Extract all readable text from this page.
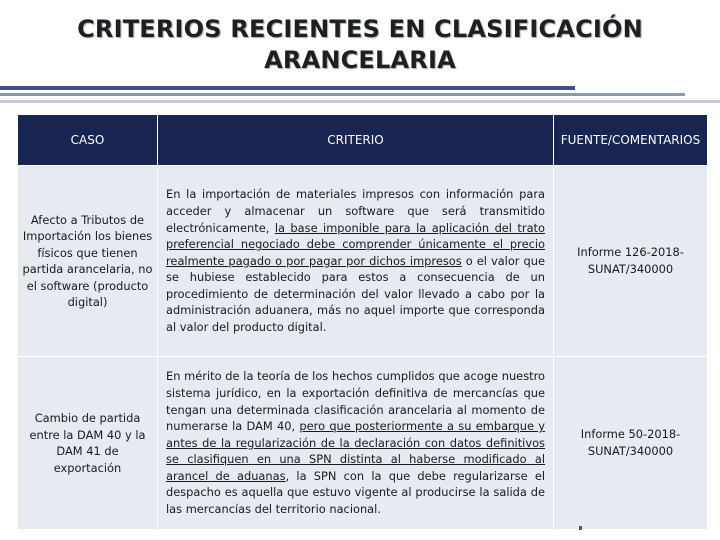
CRITERIOS RECIENTES EN CLASIFICACIÓN
ARANCELARIA
CASO	CRITERIO	FUENTE/COMENTARIOS
Afecto a Tributos de Importación los bienes físicos que tienen partida arancelaria, no el software (producto digital)	En la importación de materiales impresos con información para acceder y almacenar un software que será transmitido electrónicamente, la base imponible para la aplicación del trato preferencial negociado debe comprender únicamente el precio realmente pagado o por pagar por dichos impresos o el valor que se hubiese establecido para estos a consecuencia de un procedimiento de determinación del valor llevado a cabo por la administración aduanera, más no aquel importe que corresponda al valor del producto digital.	Informe 126-2018-SUNAT/340000
Cambio de partida entre la DAM 40 y la DAM 41 de exportación	En mérito de la teoría de los hechos cumplidos que acoge nuestro sistema jurídico, en la exportación definitiva de mercancías que tengan una determinada clasificación arancelaria al momento de numerarse la DAM 40, pero que posteriormente a su embarque y antes de la regularización de la declaración con datos definitivos se clasifiquen en una SPN distinta al haberse modificado al arancel de aduanas, la SPN con la que debe regularizarse el despacho es aquella que estuvo vigente al producirse la salida de las mercancías del territorio nacional.	Informe 50-2018-SUNAT/340000
